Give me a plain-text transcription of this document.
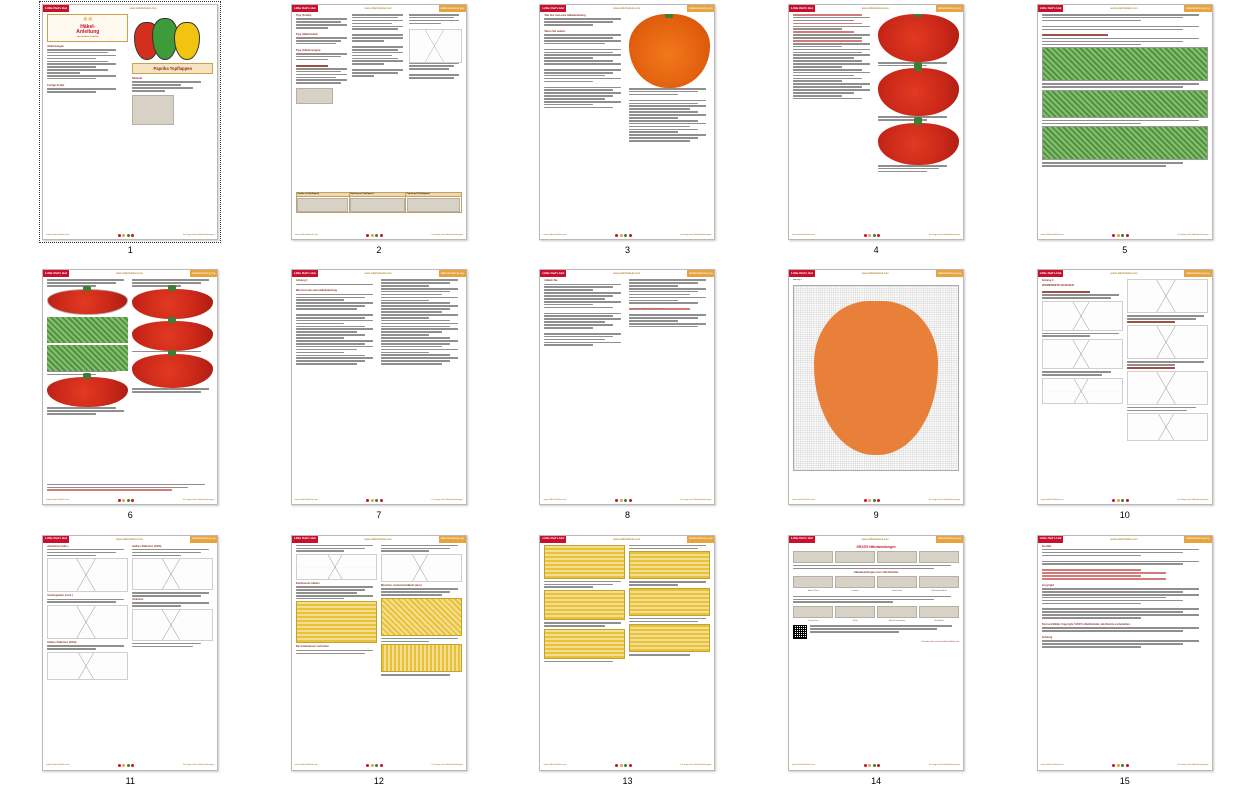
Little Owl's Hut	www.LittleOwlsHut.com
❄❄
Häkel-
Anleitung
Von Svetlana Zabelina
Abkürzungen
Fertige Größe
Paprika Topflappen
Material
www.LittleOwlsHut.com	Ich frage mich Häkelanleitungen
1
Little Owl's Hut	www.LittleOwlsHut.com	Häkelanleitung.org
Tipp (Größe)
Tipp (Häkelnadel)
Tipp (Abkürzungen)
Paprika rot (Topflappen)	Paprika grün (Topflappen)	Paprika gelb (Topflappen)

www.LittleOwlsHut.com	Ich frage mich Häkelanleitungen
2
Little Owl's Hut	www.LittleOwlsHut.com	Häkelanleitung.org
Wie fest man eine Häkelanleitung
Wenn Sie wollen:
www.LittleOwlsHut.com	Ich frage mich Häkelanleitungen
3
Little Owl's Hut	www.LittleOwlsHut.com	Häkelanleitung.org
www.LittleOwlsHut.com	Ich frage mich Häkelanleitungen
4
Little Owl's Hut	www.LittleOwlsHut.com	Häkelanleitung.org
www.LittleOwlsHut.com	Ich frage mich Häkelanleitungen
5
Little Owl's Hut	www.LittleOwlsHut.com	Häkelanleitung.org
www.LittleOwlsHut.com	Ich frage mich Häkelanleitungen
6
Little Owl's Hut	www.LittleOwlsHut.com	Häkelanleitung.org
Anhang 1
Wie fest man eine Häkelanleitung
www.LittleOwlsHut.com	Ich frage mich Häkelanleitungen
7
Little Owl's Hut	www.LittleOwlsHut.com	Häkelanleitung.org
Häkeln Sie
Fertig ist unser Paprika Topflappen!
www.LittleOwlsHut.com	Ich frage mich Häkelanleitungen
8
Little Owl's Hut	www.LittleOwlsHut.com	Häkelanleitung.org
Anhang 2
www.LittleOwlsHut.com	Ich frage mich Häkelanleitungen
9
Little Owl's Hut	www.LittleOwlsHut.com	Häkelanleitung.org
Anhang 3
VERWENDETE MASCHEN
www.LittleOwlsHut.com	Ich frage mich Häkelanleitungen
10
Little Owl's Hut	www.LittleOwlsHut.com	Häkelanleitung.org
Abnehmen (abn.)
Vorderglieder (vord.)
Halbes Stäbchen (hStb)
Halbes Stäbchen (hStb)
Abketten
www.LittleOwlsHut.com	Ich frage mich Häkelanleitungen
11
Little Owl's Hut	www.LittleOwlsHut.com	Häkelanleitung.org
Kettmasche häkeln
Das Fadenkreuz verbinden
Maschen zusammenhäkeln (abn.)
www.LittleOwlsHut.com	Ich frage mich Häkelanleitungen
12
Little Owl's Hut	www.LittleOwlsHut.com	Häkelanleitung.org
www.LittleOwlsHut.com	Ich frage mich Häkelanleitungen
13
Little Owl's Hut	www.LittleOwlsHut.com	Häkelanleitung.org
GRATIS Häkelanleitungen
Häkelanleitungen von LittleOwlsHut
Hund & Pferd	Dinosaur	Katze/Lamm	Otto/Luzhenka/Eule
Lesezeichen	Schaf	Elefant/Lesezeichen	Hundekleid
Und hier mehr auf www.LittleOwlsHut.com
www.LittleOwlsHut.com	Ich frage mich Häkelanleitungen
14
Little Owl's Hut	www.LittleOwlsHut.com	Häkelanleitung.org
Kontakt
Copyright
Text und Bilder Copyright ©2015 LittleOwlsHut, alle Rechte vorbehalten.
Achtung
www.LittleOwlsHut.com	Ich frage mich Häkelanleitungen
15
